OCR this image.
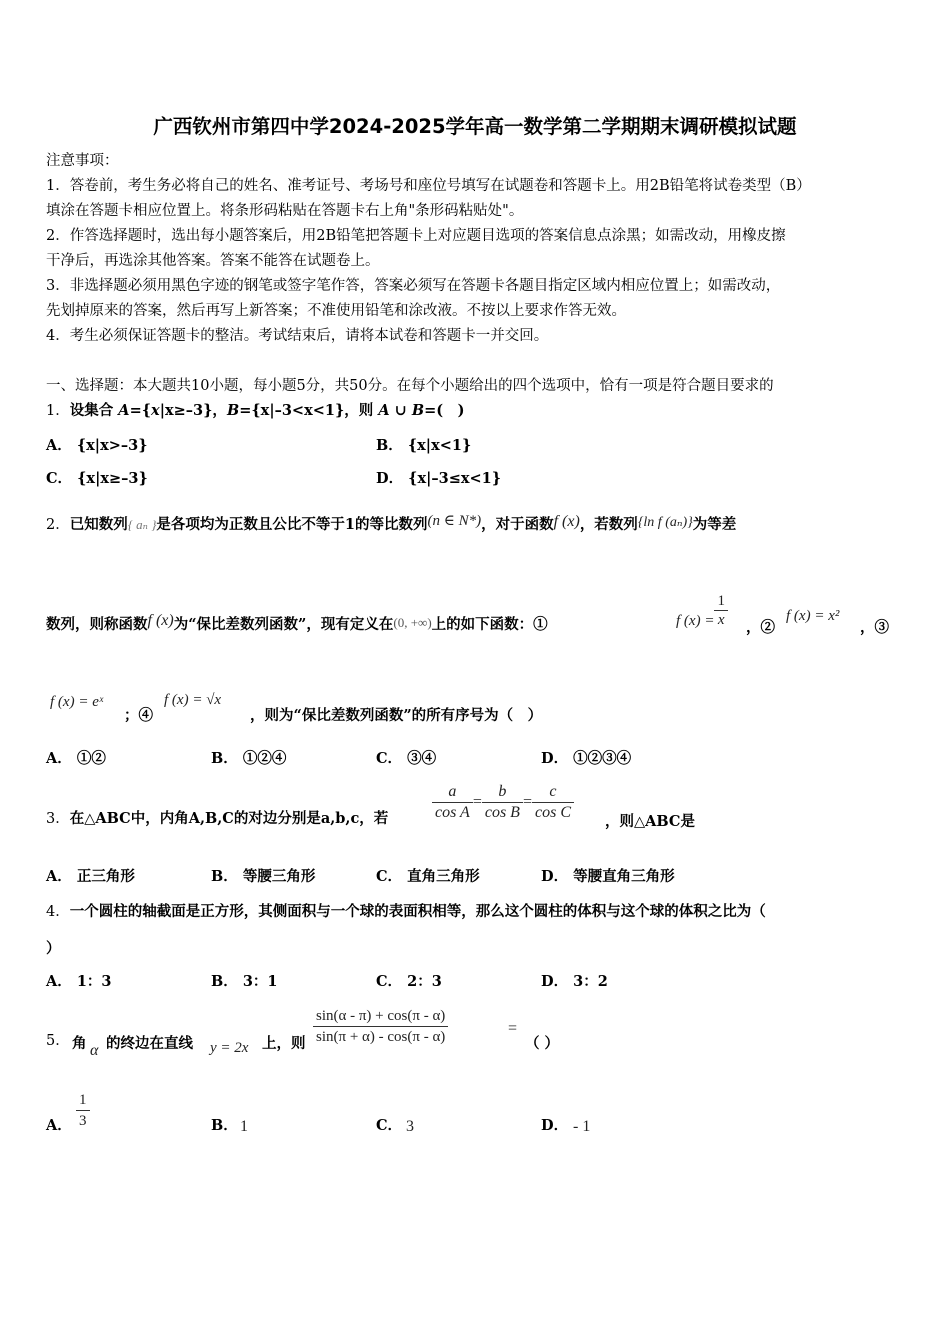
广西钦州市第四中学2024-2025学年高一数学第二学期期末调研模拟试题
注意事项：
1．答卷前，考生务必将自己的姓名、准考证号、考场号和座位号填写在试题卷和答题卡上。用2B铅笔将试卷类型（B）
填涂在答题卡相应位置上。将条形码粘贴在答题卡右上角"条形码粘贴处"。
2．作答选择题时，选出每小题答案后，用2B铅笔把答题卡上对应题目选项的答案信息点涂黑；如需改动，用橡皮擦
干净后，再选涂其他答案。答案不能答在试题卷上。
3．非选择题必须用黑色字迹的钢笔或签字笔作答，答案必须写在答题卡各题目指定区域内相应位置上；如需改动，
先划掉原来的答案，然后再写上新答案；不准使用铅笔和涂改液。不按以上要求作答无效。
4．考生必须保证答题卡的整洁。考试结束后，请将本试卷和答题卡一并交回。
一、选择题：本大题共10小题，每小题5分，共50分。在每个小题给出的四个选项中，恰有一项是符合题目要求的
1．设集合 A={x|x≥–3}，B={x|–3<x<1}，则 A ∪ B=(　)
A． {x|x>–3}	B． {x|x<1}
C． {x|x≥–3}	D． {x|–3≤x<1}
2．已知数列{ aₙ }是各项均为正数且公比不等于1的等比数列(n ∈ N*)，对于函数f (x)，若数列{ln f (aₙ)}为等差
数列，则称函数f (x)为“保比差数列函数”，现有定义在(0, +∞)上的如下函数：①	f $(x) = \frac{1}{x}$ ，②
f (x) = x²
，③
f (x) = eˣ
；④
f (x) = √x
，则为“保比差数列函数”的所有序号为（　）
A． ①②	B． ①②④	C． ③④	D． ①②③④
3．在△ABC中，内角A,B,C的对边分别是a,b,c，若	$\frac{a}{\text{cos A}} = \frac{b}{\text{cos B}} = \frac{c}{\text{cos C}}$ ，则△ABC是
A． 正三角形	B． 等腰三角形	C． 直角三角形	D． 等腰直角三角形
4．一个圆柱的轴截面是正方形，其侧面积与一个球的表面积相等，那么这个圆柱的体积与这个球的体积之比为（
）
A． 1：3	B． 3：1	C． 2：3	D． 3：2
5． 角 α 的终边在直线 y = 2x 上，则 $\frac{\sin(\alpha - \pi) + \cos(\pi - \alpha)}{\sin(\pi + \alpha) - \cos(\pi - \alpha)}$	=
（ ）
A． $\frac{1}{3}$	B． 1	C． 3	D． - 1
